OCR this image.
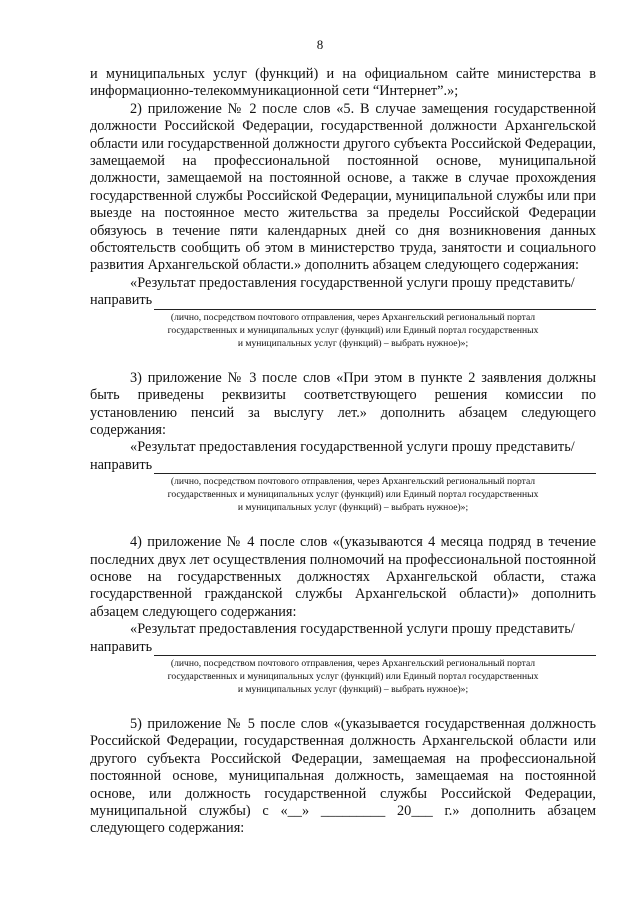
8

и муниципальных услуг (функций) и на официальном сайте министерства в информационно-телекоммуникационной сети “Интернет”.»;

2) приложение № 2 после слов «5. В случае замещения государственной должности Российской Федерации, государственной должности Архангельской области или государственной должности другого субъекта Российской Федерации, замещаемой на профессиональной постоянной основе, муниципальной должности, замещаемой на постоянной основе, а также в случае прохождения государственной службы Российской Федерации, муниципальной службы или при выезде на постоянное место жительства за пределы Российской Федерации обязуюсь в течение пяти календарных дней со дня возникновения данных обстоятельств сообщить об этом в министерство труда, занятости и социального развития Архангельской области.» дополнить абзацем следующего содержания:

«Результат предоставления государственной услуги прошу представить/

направить
(лично, посредством почтового отправления, через Архангельский региональный портал
государственных и муниципальных услуг (функций) или Единый портал государственных
и муниципальных услуг (функций) – выбрать нужное)»;

3) приложение № 3 после слов «При этом в пункте 2 заявления должны быть приведены реквизиты соответствующего решения комиссии по установлению пенсий за выслугу лет.» дополнить абзацем следующего содержания:

«Результат предоставления государственной услуги прошу представить/

направить
(лично, посредством почтового отправления, через Архангельский региональный портал
государственных и муниципальных услуг (функций) или Единый портал государственных
и муниципальных услуг (функций) – выбрать нужное)»;

4) приложение № 4 после слов «(указываются 4 месяца подряд в течение последних двух лет осуществления полномочий на профессиональной постоянной основе на государственных должностях Архангельской области, стажа государственной гражданской службы Архангельской области)» дополнить абзацем следующего содержания:

«Результат предоставления государственной услуги прошу представить/

направить
(лично, посредством почтового отправления, через Архангельский региональный портал
государственных и муниципальных услуг (функций) или Единый портал государственных
и муниципальных услуг (функций) – выбрать нужное)»;

5) приложение № 5 после слов «(указывается государственная должность Российской Федерации, государственная должность Архангельской области или другого субъекта Российской Федерации, замещаемая на профессиональной постоянной основе, муниципальная должность, замещаемая на постоянной основе, или должность государственной службы Российской Федерации, муниципальной службы) с «__» _________ 20___ г.» дополнить абзацем следующего содержания:
